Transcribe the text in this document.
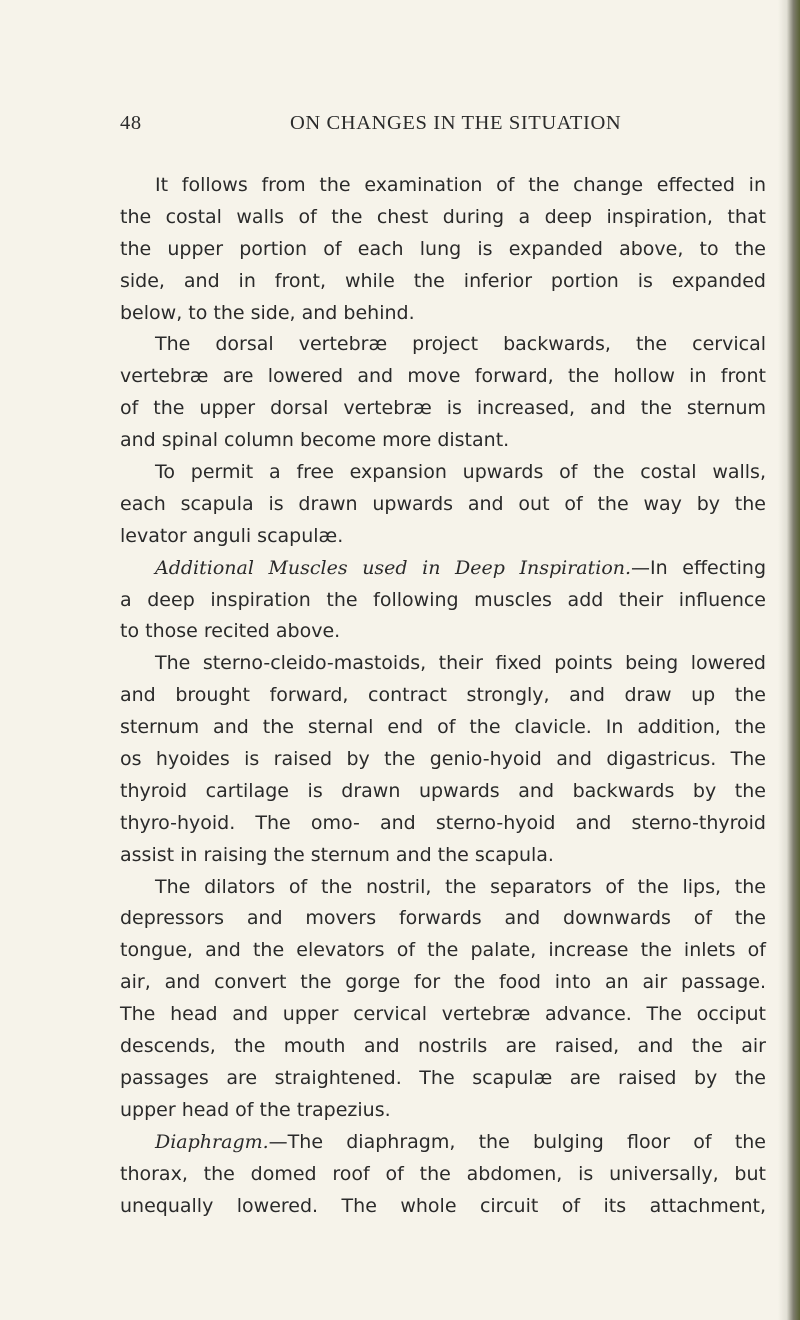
48	ON CHANGES IN THE SITUATION
It follows from the examination of the change effected in
the costal walls of the chest during a deep inspiration, that
the upper portion of each lung is expanded above, to the
side, and in front, while the inferior portion is expanded
below, to the side, and behind.
The dorsal vertebræ project backwards, the cervical
vertebræ are lowered and move forward, the hollow in front
of the upper dorsal vertebræ is increased, and the sternum
and spinal column become more distant.
To permit a free expansion upwards of the costal walls,
each scapula is drawn upwards and out of the way by the
levator anguli scapulæ.
Additional Muscles used in Deep Inspiration.—In effecting
a deep inspiration the following muscles add their influence
to those recited above.
The sterno-cleido-mastoids, their fixed points being lowered
and brought forward, contract strongly, and draw up the
sternum and the sternal end of the clavicle. In addition, the
os hyoides is raised by the genio-hyoid and digastricus. The
thyroid cartilage is drawn upwards and backwards by the
thyro-hyoid. The omo- and sterno-hyoid and sterno-thyroid
assist in raising the sternum and the scapula.
The dilators of the nostril, the separators of the lips, the
depressors and movers forwards and downwards of the
tongue, and the elevators of the palate, increase the inlets of
air, and convert the gorge for the food into an air passage.
The head and upper cervical vertebræ advance. The occiput
descends, the mouth and nostrils are raised, and the air
passages are straightened. The scapulæ are raised by the
upper head of the trapezius.
Diaphragm.—The diaphragm, the bulging floor of the
thorax, the domed roof of the abdomen, is universally, but
unequally lowered. The whole circuit of its attachment,
